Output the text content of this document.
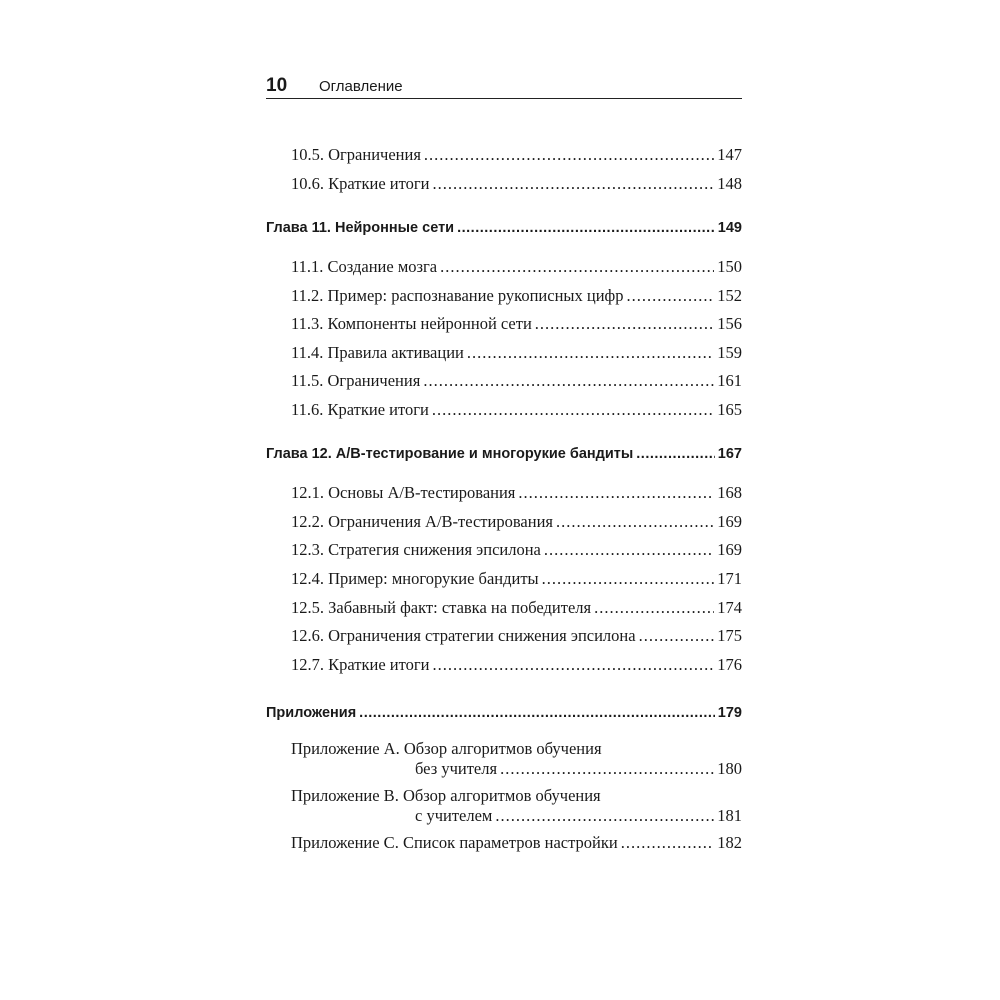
10 Оглавление
10.5. Ограничения .....	147
10.6. Краткие итоги .....	148
Глава 11. Нейронные сети .....	149
11.1. Создание мозга .....	150
11.2. Пример: распознавание рукописных цифр .....	152
11.3. Компоненты нейронной сети .....	156
11.4. Правила активации .....	159
11.5. Ограничения .....	161
11.6. Краткие итоги .....	165
Глава 12. A/B-тестирование и многорукие бандиты .....	167
12.1. Основы A/B-тестирования .....	168
12.2. Ограничения A/B-тестирования .....	169
12.3. Стратегия снижения эпсилона .....	169
12.4. Пример: многорукие бандиты .....	171
12.5. Забавный факт: ставка на победителя .....	174
12.6. Ограничения стратегии снижения эпсилона .....	175
12.7. Краткие итоги .....	176
Приложения .....	179
Приложение A. Обзор алгоритмов обучения
без учителя .....	180
Приложение B. Обзор алгоритмов обучения
с учителем .....	181
Приложение C. Список параметров настройки .....	182
